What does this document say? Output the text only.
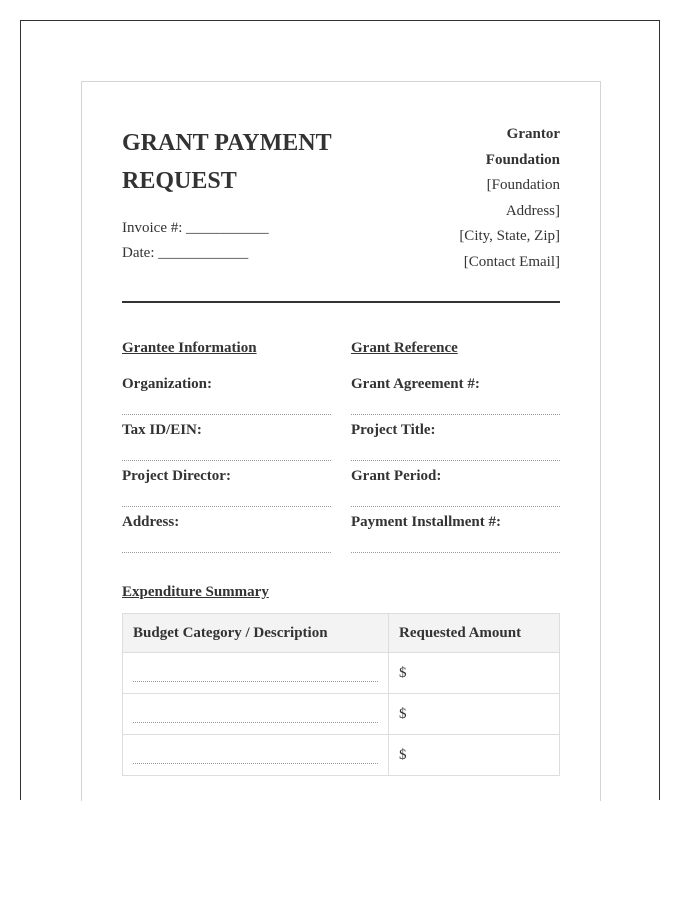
GRANT PAYMENT REQUEST
Invoice #: ___________
Date: ____________
Grantor Foundation
[Foundation Address]
[City, State, Zip]
[Contact Email]
Grantee Information
Organization:
Tax ID/EIN:
Project Director:
Address:
Grant Reference
Grant Agreement #:
Project Title:
Grant Period:
Payment Installment #:
Expenditure Summary
Budget Category / Description	Requested Amount

	$

	$

	$
